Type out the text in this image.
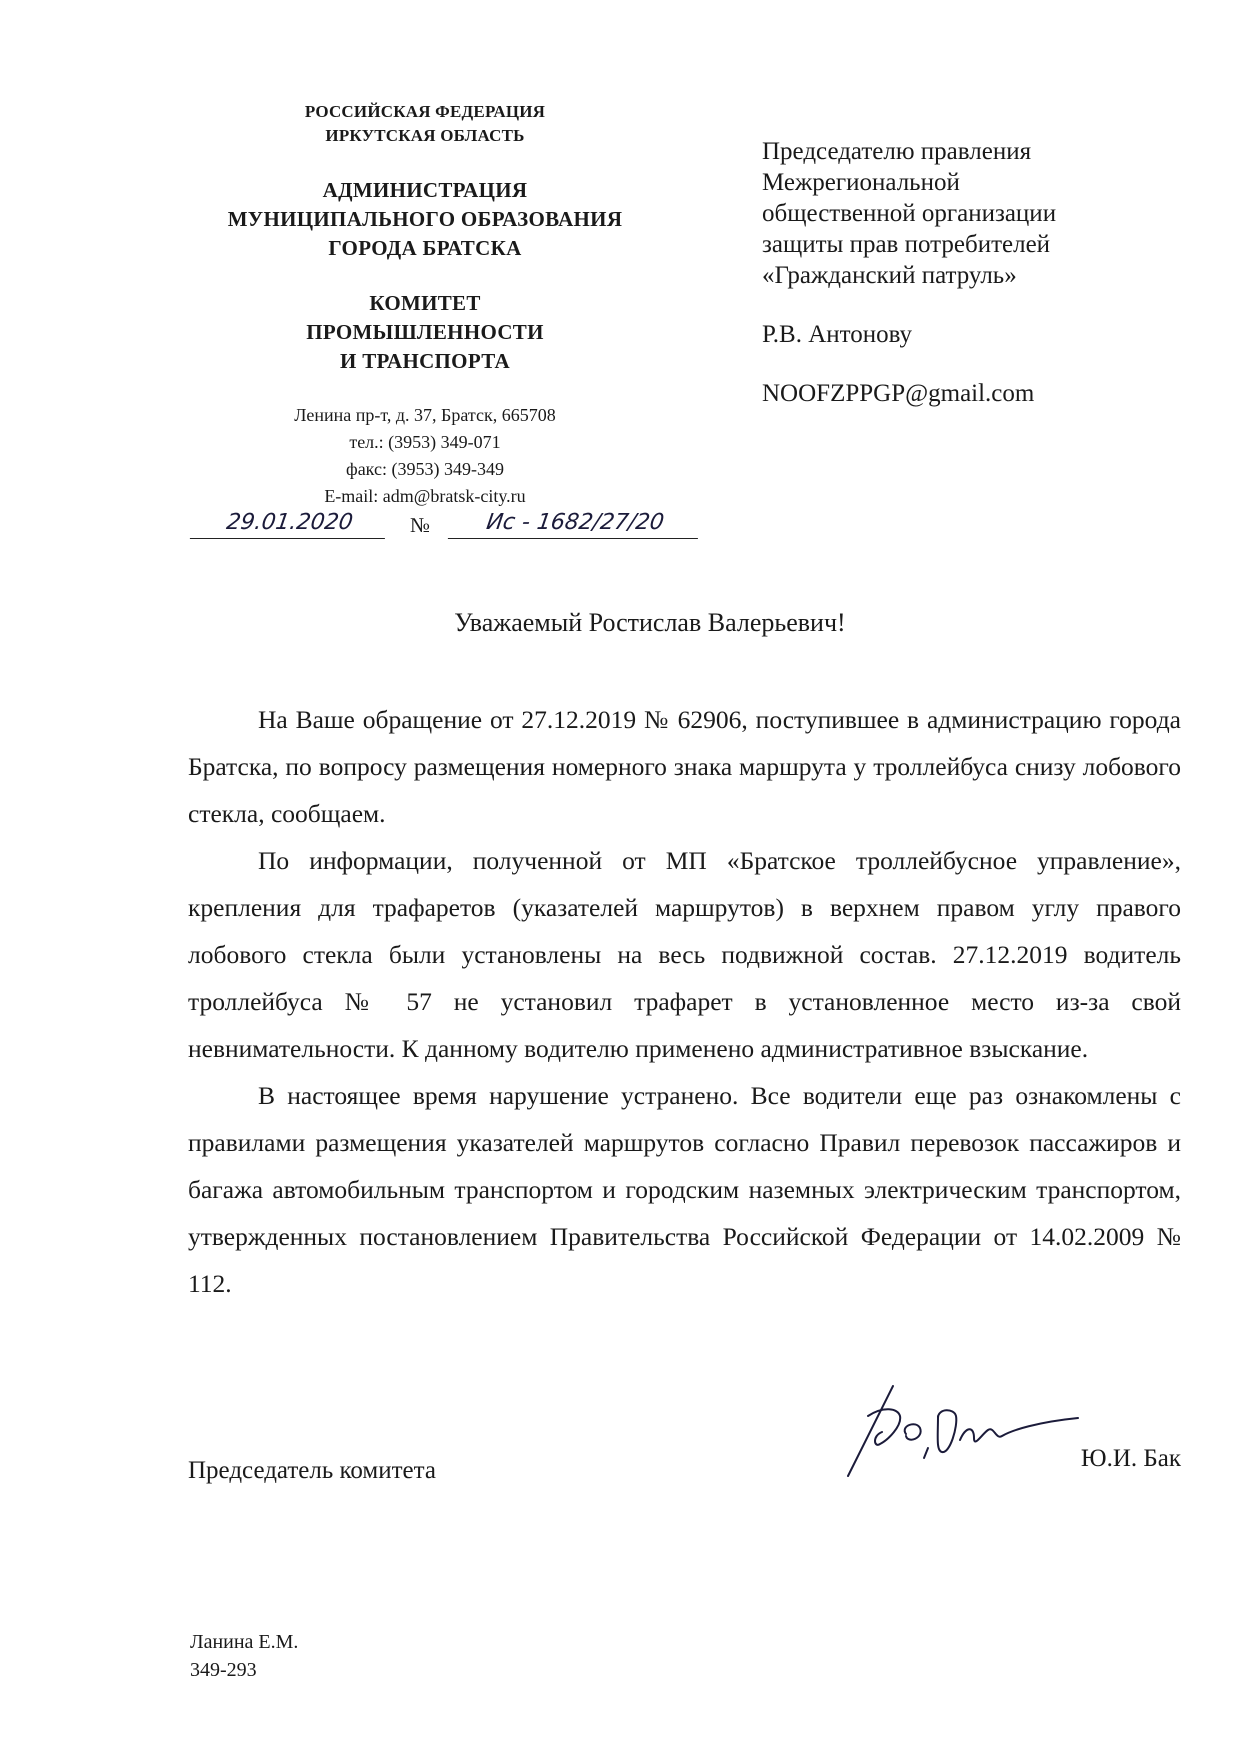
РОССИЙСКАЯ ФЕДЕРАЦИЯ
ИРКУТСКАЯ ОБЛАСТЬ
АДМИНИСТРАЦИЯ
МУНИЦИПАЛЬНОГО ОБРАЗОВАНИЯ
ГОРОДА БРАТСКА
КОМИТЕТ
ПРОМЫШЛЕННОСТИ
И ТРАНСПОРТА
Ленина пр-т, д. 37, Братск, 665708
тел.: (3953) 349-071
факс: (3953) 349-349
E-mail: adm@bratsk-city.ru
29.01.2020	№	Ис - 1682/27/20
Председателю правления
Межрегиональной
общественной организации
защиты прав потребителей
«Гражданский патруль»
Р.В. Антонову
NOOFZPPGP@gmail.com
Уважаемый Ростислав Валерьевич!

На Ваше обращение от 27.12.2019 № 62906, поступившее в администрацию города Братска, по вопросу размещения номерного знака маршрута у троллейбуса снизу лобового стекла, сообщаем.

По информации, полученной от МП «Братское троллейбусное управление», крепления для трафаретов (указателей маршрутов) в верхнем правом углу правого лобового стекла были установлены на весь подвижной состав. 27.12.2019 водитель троллейбуса № 57 не установил трафарет в установленное место из-за свой невнимательности. К данному водителю применено административное взыскание.

В настоящее время нарушение устранено. Все водители еще раз ознакомлены с правилами размещения указателей маршрутов согласно Правил перевозок пассажиров и багажа автомобильным транспортом и городским наземных электрическим транспортом, утвержденных постановлением Правительства Российской Федерации от 14.02.2009 № 112.

Председатель комитета	Ю.И. Бак
Ланина Е.М.
349-293
